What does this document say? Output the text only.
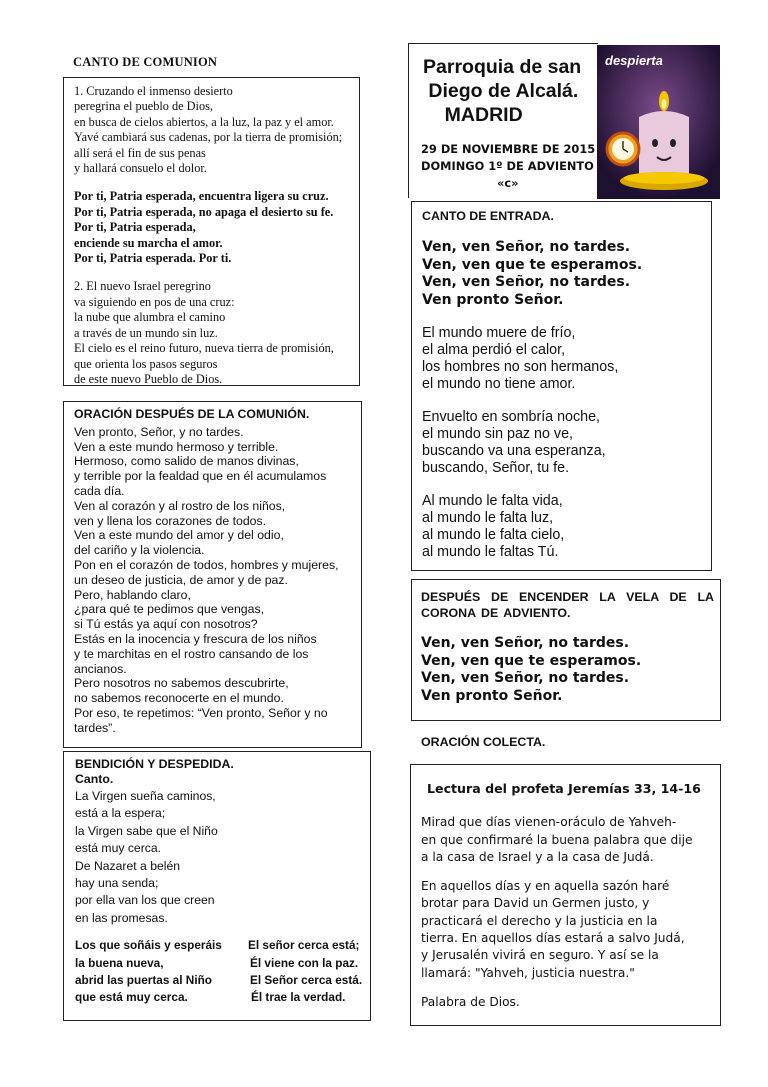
CANTO DE COMUNION
1. Cruzando el inmenso desierto
peregrina el pueblo de Dios,
en busca de cielos abiertos, a la luz, la paz y el amor.
Yavé cambiará sus cadenas, por la tierra de promisión;
allí será el fin de sus penas
y hallará consuelo el dolor.
Por ti, Patria esperada, encuentra ligera su cruz.
Por ti, Patria esperada, no apaga el desierto su fe.
Por ti, Patria esperada,
enciende su marcha el amor.
Por ti, Patria esperada. Por ti.
2. El nuevo Israel peregrino
va siguiendo en pos de una cruz:
la nube que alumbra el camino
a través de un mundo sin luz.
El cielo es el reino futuro, nueva tierra de promisión,
que orienta los pasos seguros
de este nuevo Pueblo de Dios.
ORACIÓN DESPUÉS DE LA COMUNIÓN.
Ven pronto, Señor, y no tardes.
Ven a este mundo hermoso y terrible.
Hermoso, como salido de manos divinas,
y terrible por la fealdad que en él acumulamos
cada día.
Ven al corazón y al rostro de los niños,
ven y llena los corazones de todos.
Ven a este mundo del amor y del odio,
del cariño y la violencia.
Pon en el corazón de todos, hombres y mujeres,
un deseo de justicia, de amor y de paz.
Pero, hablando claro,
¿para qué te pedimos que vengas,
si Tú estás ya aquí con nosotros?
Estás en la inocencia y frescura de los niños
y te marchitas en el rostro cansando de los
ancianos.
Pero nosotros no sabemos descubrirte,
no sabemos reconocerte en el mundo.
Por eso, te repetimos: “Ven pronto, Señor y no
tardes”.
BENDICIÓN Y DESPEDIDA.
Canto.
La Virgen sueña caminos,
está a la espera;
la Virgen sabe que el Niño
está muy cerca.
De Nazaret a belén
hay una senda;
por ella van los que creen
en las promesas.
Los que soñáis y esperáis
la buena nueva,
abrid las puertas al Niño
que está muy cerca.
El señor cerca está;
Él viene con la paz.
El Señor cerca está.
Él trae la verdad.
Parroquia de san
Diego de Alcalá.
MADRID
29 DE NOVIEMBRE DE 2015
DOMINGO 1º DE ADVIENTO
«c»
despierta
CANTO DE ENTRADA.
Ven, ven Señor, no tardes.
Ven, ven que te esperamos.
Ven, ven Señor, no tardes.
Ven pronto Señor.
El mundo muere de frío,
el alma perdió el calor,
los hombres no son hermanos,
el mundo no tiene amor.
Envuelto en sombría noche,
el mundo sin paz no ve,
buscando va una esperanza,
buscando, Señor, tu fe.
Al mundo le falta vida,
al mundo le falta luz,
al mundo le falta cielo,
al mundo le faltas Tú.
DESPUÉS DE ENCENDER LA VELA DE LA CORONA DE ADVIENTO.
Ven, ven Señor, no tardes.
Ven, ven que te esperamos.
Ven, ven Señor, no tardes.
Ven pronto Señor.
ORACIÓN COLECTA.
Lectura del profeta Jeremías 33, 14-16
Mirad que días vienen-oráculo de Yahveh-
en que confirmaré la buena palabra que dije
a la casa de Israel y a la casa de Judá.
En aquellos días y en aquella sazón haré
brotar para David un Germen justo, y
practicará el derecho y la justicia en la
tierra. En aquellos días estará a salvo Judá,
y Jerusalén vivirá en seguro. Y así se la
llamará: "Yahveh, justicia nuestra."
Palabra de Dios.
